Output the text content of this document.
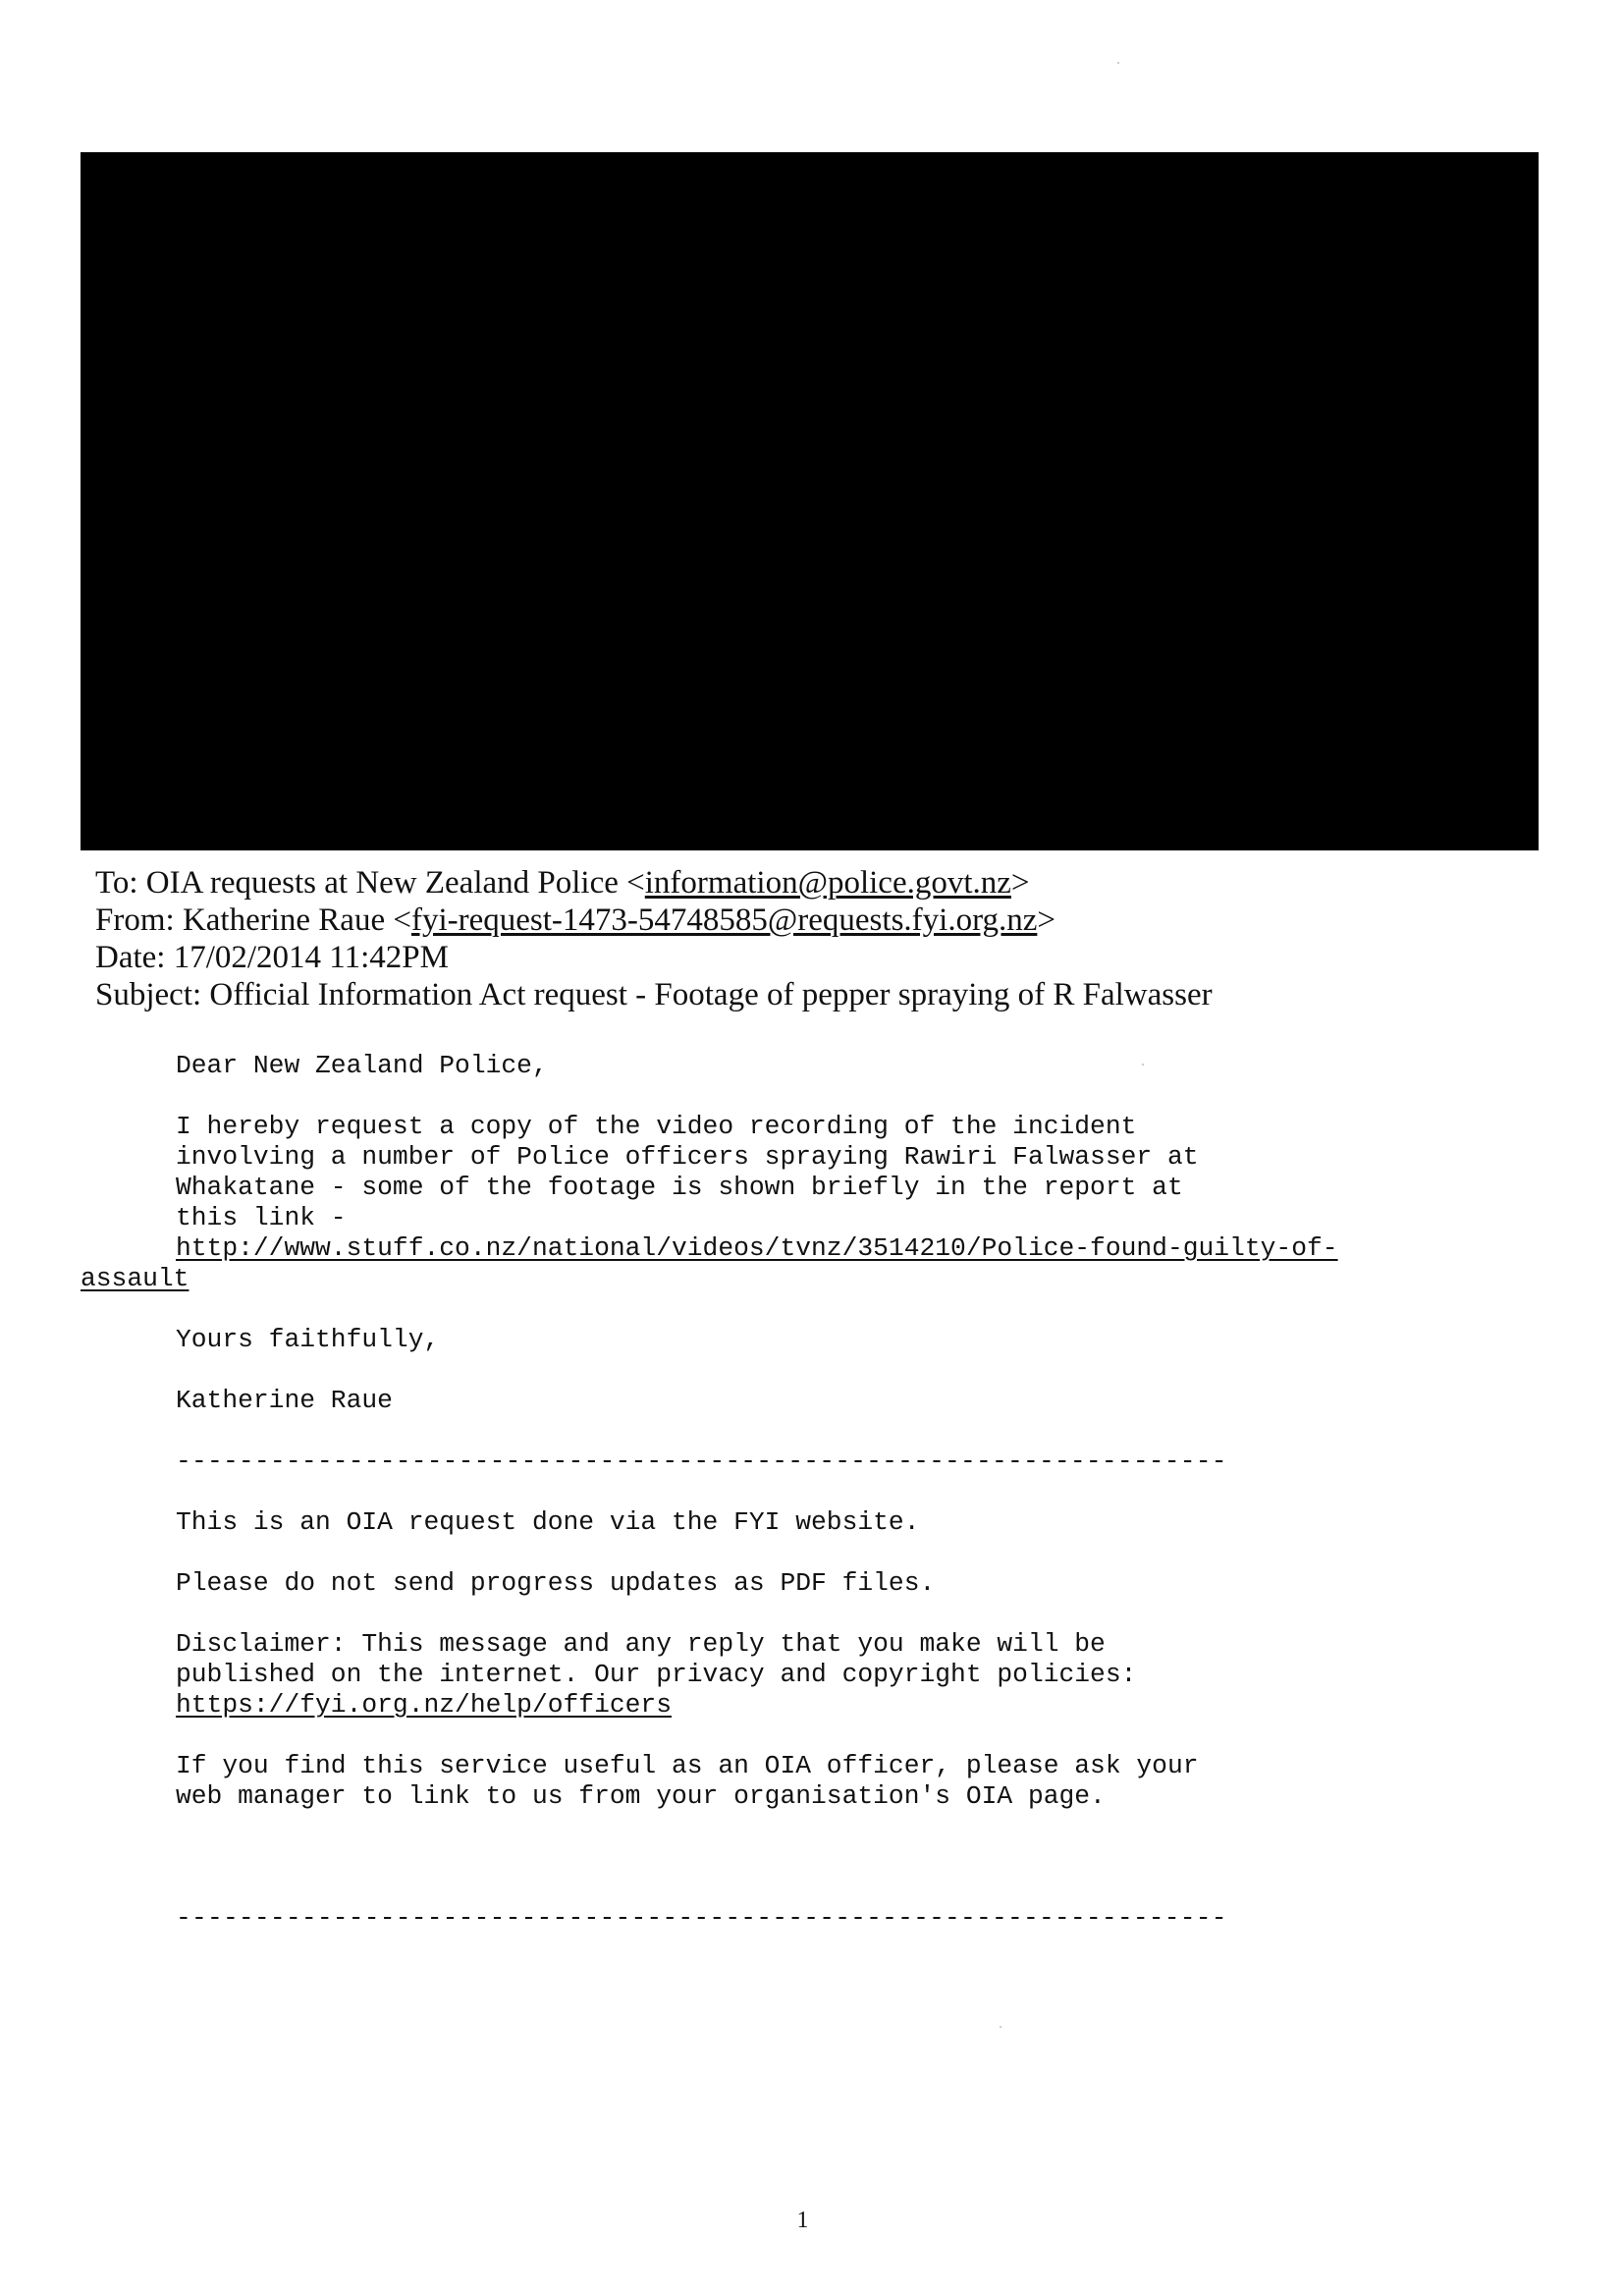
To: OIA requests at New Zealand Police <information@police.govt.nz>
From: Katherine Raue <fyi-request-1473-54748585@requests.fyi.org.nz>
Date: 17/02/2014 11:42PM
Subject: Official Information Act request - Footage of pepper spraying of R Falwasser
Dear New Zealand Police,
I hereby request a copy of the video recording of the incident
involving a number of Police officers spraying Rawiri Falwasser at
Whakatane - some of the footage is shown briefly in the report at
this link -
http://www.stuff.co.nz/national/videos/tvnz/3514210/Police-found-guilty-of-
assault
Yours faithfully,
Katherine Raue
-------------------------------------------------------------------
This is an OIA request done via the FYI website.
Please do not send progress updates as PDF files.
Disclaimer: This message and any reply that you make will be
published on the internet. Our privacy and copyright policies:
https://fyi.org.nz/help/officers
If you find this service useful as an OIA officer, please ask your
web manager to link to us from your organisation's OIA page.
-------------------------------------------------------------------
1
